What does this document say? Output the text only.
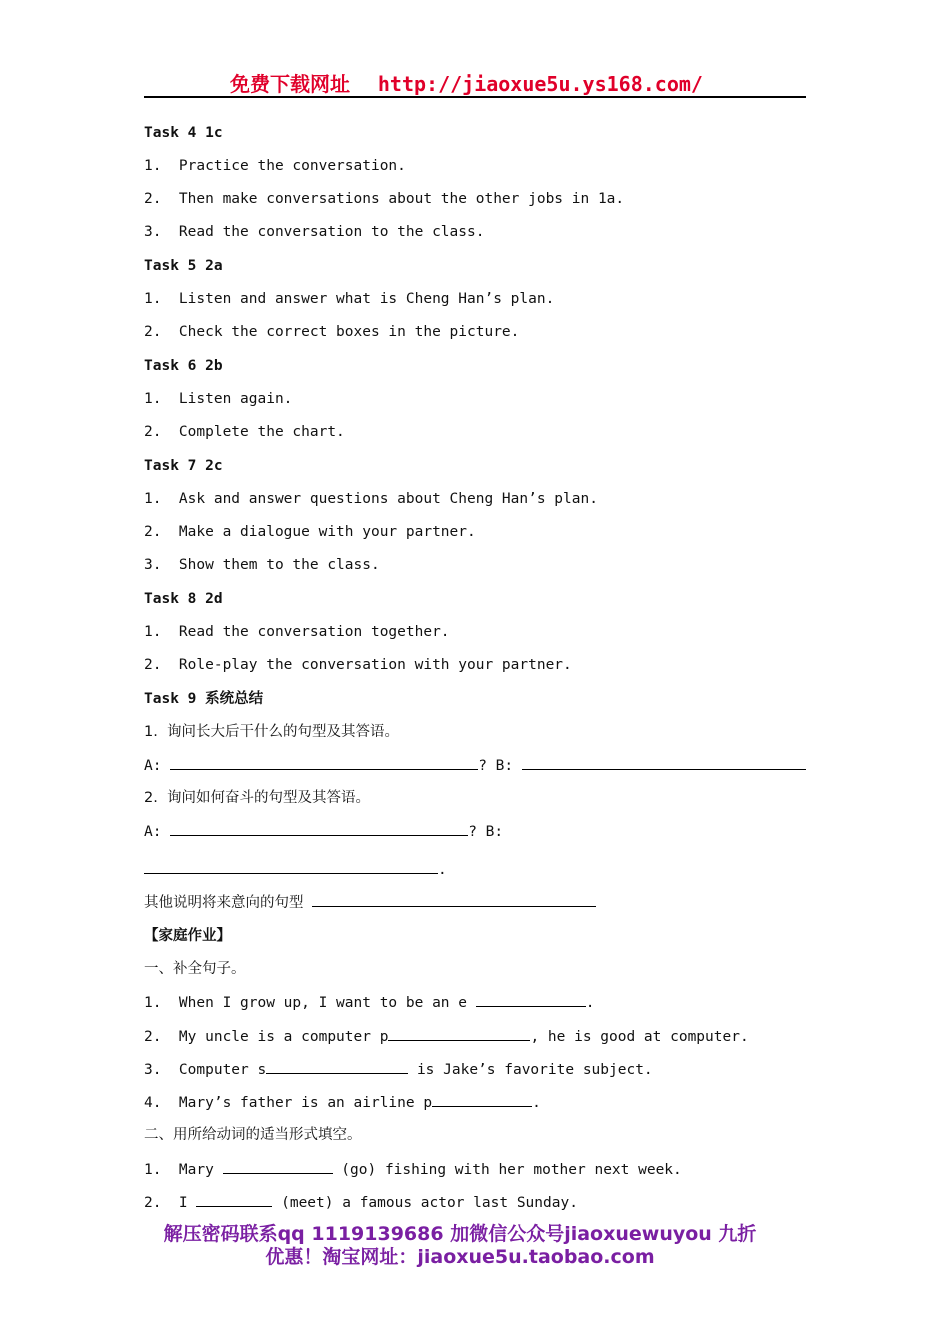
免费下载网址 http://jiaoxue5u.ys168.com/
Task 4 1c
1.  Practice the conversation.
2.  Then make conversations about the other jobs in 1a.
3.  Read the conversation to the class.
Task 5 2a
1.  Listen and answer what is Cheng Han’s plan.
2.  Check the correct boxes in the picture.
Task 6 2b
1.  Listen again.
2.  Complete the chart.
Task 7 2c
1.  Ask and answer questions about Cheng Han’s plan.
2.  Make a dialogue with your partner.
3.  Show them to the class.
Task 8 2d
1.  Read the conversation together.
2.  Role-play the conversation with your partner.
Task 9 系统总结
1.  询问长大后干什么的句型及其答语。
A:	? B:
2.  询问如何奋斗的句型及其答语。
A:	? B:
.
其他说明将来意向的句型
【家庭作业】
一、补全句子。
1.  When I grow up, I want to be an e	.
2.  My uncle is a computer p	, he is good at computer.
3.  Computer s	is Jake’s favorite subject.
4.  Mary’s father is an airline p	.
二、用所给动词的适当形式填空。
1.  Mary	(go) fishing with her mother next week.
2.  I	(meet) a famous actor last Sunday.
解压密码联系qq 1119139686 加微信公众号jiaoxuewuyou 九折
优惠！淘宝网址：jiaoxue5u.taobao.com
